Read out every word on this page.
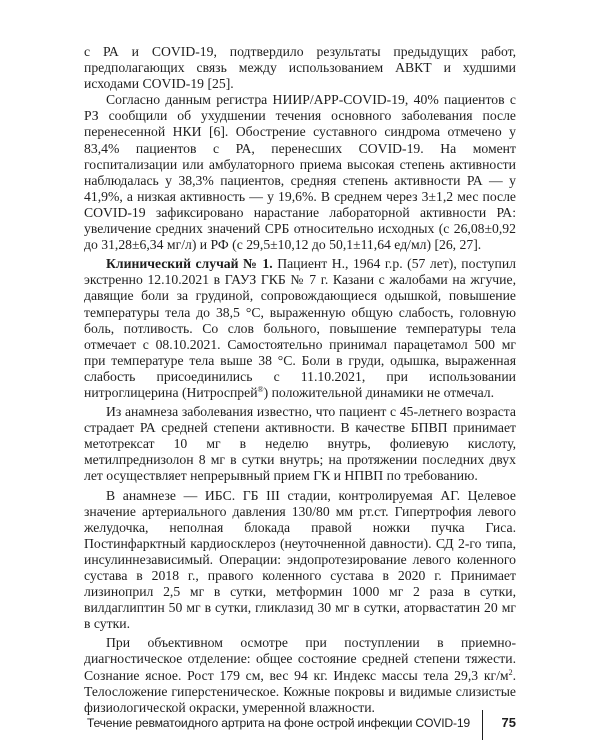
с РА и COVID-19, подтвердило результаты предыдущих работ, предполагающих связь между использованием АВКТ и худшими исходами COVID-19 [25].

Согласно данным регистра НИИР/АРР-COVID-19, 40% пациентов с РЗ сообщили об ухудшении течения основного заболевания после перенесенной НКИ [6]. Обострение суставного синдрома отмечено у 83,4% пациентов с РА, перенесших COVID-19. На момент госпитализации или амбулаторного приема высокая степень активности наблюдалась у 38,3% пациентов, средняя степень активности РА — у 41,9%, а низкая активность — у 19,6%. В среднем через 3±1,2 мес после COVID-19 зафиксировано нарастание лабораторной активности РА: увеличение средних значений СРБ относительно исходных (с 26,08±0,92 до 31,28±6,34 мг/л) и РФ (с 29,5±10,12 до 50,1±11,64 ед/мл) [26, 27].

Клинический случай № 1. Пациент Н., 1964 г.р. (57 лет), поступил экстренно 12.10.2021 в ГАУЗ ГКБ № 7 г. Казани с жалобами на жгучие, давящие боли за грудиной, сопровождающиеся одышкой, повышение температуры тела до 38,5 °С, выраженную общую слабость, головную боль, потливость. Со слов больного, повышение температуры тела отмечает с 08.10.2021. Самостоятельно принимал парацетамол 500 мг при температуре тела выше 38 °С. Боли в груди, одышка, выраженная слабость присоединились с 11.10.2021, при использовании нитроглицерина (Нитроспрей®) положительной динамики не отмечал.

Из анамнеза заболевания известно, что пациент с 45-летнего возраста страдает РА средней степени активности. В качестве БПВП принимает метотрексат 10 мг в неделю внутрь, фолиевую кислоту, метилпреднизолон 8 мг в сутки внутрь; на протяжении последних двух лет осуществляет непрерывный прием ГК и НПВП по требованию.

В анамнезе — ИБС. ГБ III стадии, контролируемая АГ. Целевое значение артериального давления 130/80 мм рт.ст. Гипертрофия левого желудочка, неполная блокада правой ножки пучка Гиса. Постинфарктный кардиосклероз (неуточненной давности). СД 2-го типа, инсулиннезависимый. Операции: эндопротезирование левого коленного сустава в 2018 г., правого коленного сустава в 2020 г. Принимает лизиноприл 2,5 мг в сутки, метформин 1000 мг 2 раза в сутки, вилдаглиптин 50 мг в сутки, гликлазид 30 мг в сутки, аторвастатин 20 мг в сутки.

При объективном осмотре при поступлении в приемно-диагностическое отделение: общее состояние средней степени тяжести. Сознание ясное. Рост 179 см, вес 94 кг. Индекс массы тела 29,3 $кг/м^2$. Телосложение гиперстеническое. Кожные покровы и видимые слизистые физиологической окраски, умеренной влажности.

Течение ревматоидного артрита на фоне острой инфекции COVID-19 75
